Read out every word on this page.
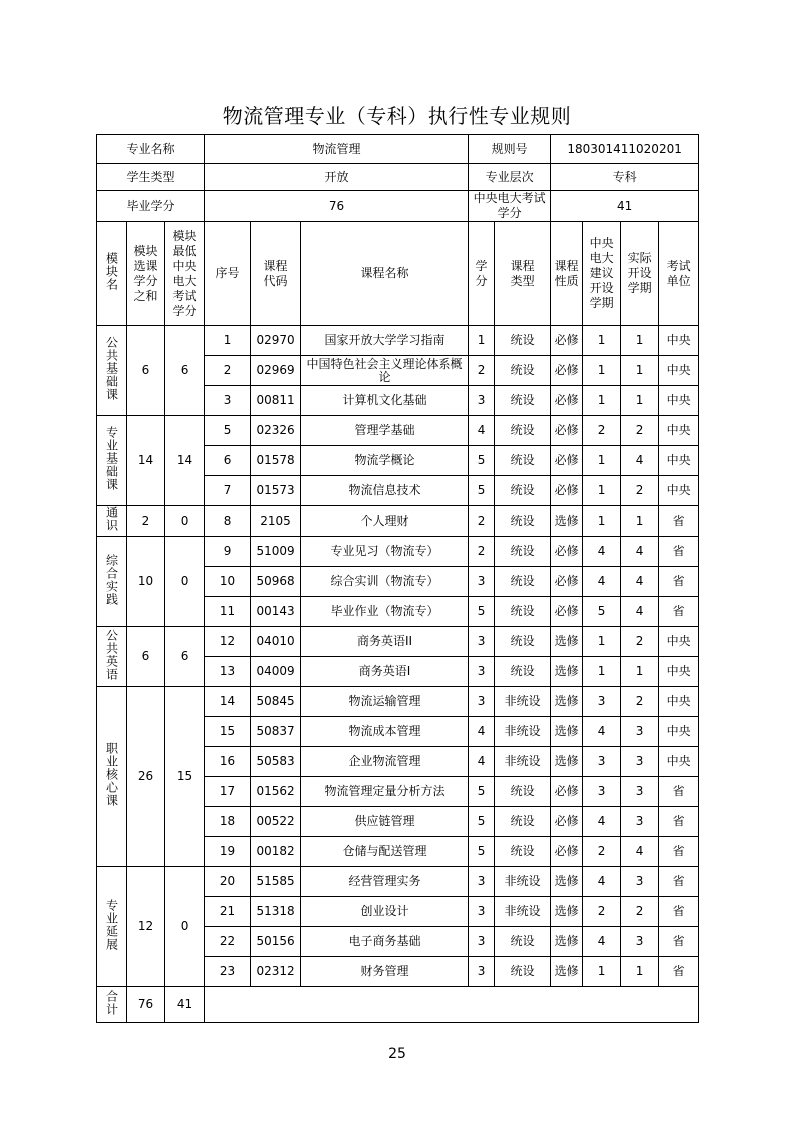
物流管理专业（专科）执行性专业规则
专业名称			物流管理			规则号		180301411020201			
学生类型			开放			专业层次		专科			
毕业学分			76			中央电大考试学分		41			
模块名	模块选课学分之和	模块最低中央电大考试学分	序号	课程代码	课程名称	学分	课程类型	课程性质	中央电大建议开设学期	实际开设学期	考试单位
公共基础课	6	6	1	02970	国家开放大学学习指南	1	统设	必修	1	1	中央
			2	02969	中国特色社会主义理论体系概论	2	统设	必修	1	1	中央
			3	00811	计算机文化基础	3	统设	必修	1	1	中央
专业基础课	14	14	5	02326	管理学基础	4	统设	必修	2	2	中央
			6	01578	物流学概论	5	统设	必修	1	4	中央
			7	01573	物流信息技术	5	统设	必修	1	2	中央
通识	2	0	8	2105	个人理财	2	统设	选修	1	1	省
综合实践	10	0	9	51009	专业见习（物流专）	2	统设	必修	4	4	省
			10	50968	综合实训（物流专）	3	统设	必修	4	4	省
			11	00143	毕业作业（物流专）	5	统设	必修	5	4	省
公共英语	6	6	12	04010	商务英语II	3	统设	选修	1	2	中央
			13	04009	商务英语I	3	统设	选修	1	1	中央
职业核心课	26	15	14	50845	物流运输管理	3	非统设	选修	3	2	中央
			15	50837	物流成本管理	4	非统设	选修	4	3	中央
			16	50583	企业物流管理	4	非统设	选修	3	3	中央
			17	01562	物流管理定量分析方法	5	统设	必修	3	3	省
			18	00522	供应链管理	5	统设	必修	4	3	省
			19	00182	仓储与配送管理	5	统设	必修	2	4	省
专业延展	12	0	20	51585	经营管理实务	3	非统设	选修	4	3	省
			21	51318	创业设计	3	非统设	选修	2	2	省
			22	50156	电子商务基础	3	统设	选修	4	3	省
			23	02312	财务管理	3	统设	选修	1	1	省
合计	76	41									
25
